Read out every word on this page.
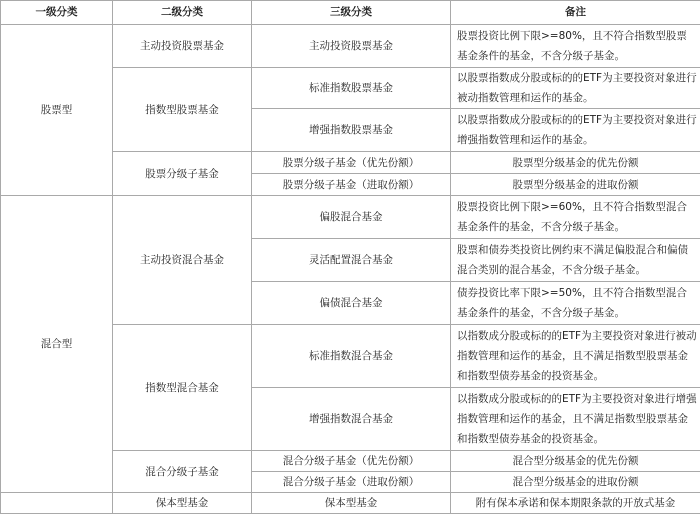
一级分类	二级分类	三级分类	备注
股票型	主动投资股票基金	主动投资股票基金	股票投资比例下限>=80%，且不符合指数型股票基金条件的基金，不含分级子基金。
	指数型股票基金	标准指数股票基金	以股票指数成分股或标的的ETF为主要投资对象进行被动指数管理和运作的基金。
		增强指数股票基金	以股票指数成分股或标的的ETF为主要投资对象进行增强指数管理和运作的基金。
	股票分级子基金	股票分级子基金（优先份额）	股票型分级基金的优先份额
		股票分级子基金（进取份额）	股票型分级基金的进取份额
混合型	主动投资混合基金	偏股混合基金	股票投资比例下限>=60%，且不符合指数型混合基金条件的基金，不含分级子基金。
		灵活配置混合基金	股票和债券类投资比例约束不满足偏股混合和偏债混合类别的混合基金，不含分级子基金。
		偏债混合基金	债券投资比率下限>=50%，且不符合指数型混合基金条件的基金，不含分级子基金。
	指数型混合基金	标准指数混合基金	以指数成分股或标的的ETF为主要投资对象进行被动指数管理和运作的基金，且不满足指数型股票基金和指数型债券基金的投资基金。
		增强指数混合基金	以指数成分股或标的的ETF为主要投资对象进行增强指数管理和运作的基金，且不满足指数型股票基金和指数型债券基金的投资基金。
	混合分级子基金	混合分级子基金（优先份额）	混合型分级基金的优先份额
		混合分级子基金（进取份额）	混合型分级基金的进取份额
	保本型基金	保本型基金	附有保本承诺和保本期限条款的开放式基金
